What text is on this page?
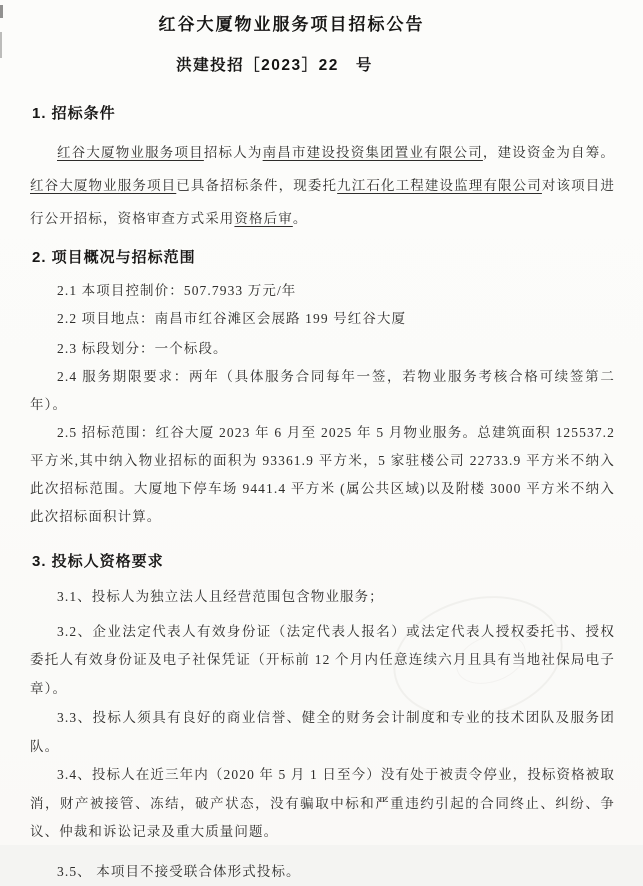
红谷大厦物业服务项目招标公告
洪建投招［2023］22　号
1. 招标条件

红谷大厦物业服务项目招标人为南昌市建设投资集团置业有限公司，建设资金为自筹。红谷大厦物业服务项目已具备招标条件，现委托九江石化工程建设监理有限公司对该项目进行公开招标，资格审查方式采用资格后审。

2. 项目概况与招标范围

2.1 本项目控制价：507.7933 万元/年

2.2 项目地点：南昌市红谷滩区会展路 199 号红谷大厦

2.3 标段划分：一个标段。

2.4 服务期限要求：两年（具体服务合同每年一签，若物业服务考核合格可续签第二年）。

2.5 招标范围：红谷大厦 2023 年 6 月至 2025 年 5 月物业服务。总建筑面积 125537.2 平方米,其中纳入物业招标的面积为 93361.9 平方米，5 家驻楼公司 22733.9 平方米不纳入此次招标范围。大厦地下停车场 9441.4 平方米 (属公共区域)以及附楼 3000 平方米不纳入此次招标面积计算。

3. 投标人资格要求

3.1、投标人为独立法人且经营范围包含物业服务；

3.2、企业法定代表人有效身份证（法定代表人报名）或法定代表人授权委托书、授权委托人有效身份证及电子社保凭证（开标前 12 个月内任意连续六月且具有当地社保局电子章）。

3.3、投标人须具有良好的商业信誉、健全的财务会计制度和专业的技术团队及服务团队。

3.4、投标人在近三年内（2020 年 5 月 1 日至今）没有处于被责令停业，投标资格被取消，财产被接管、冻结，破产状态，没有骗取中标和严重违约引起的合同终止、纠纷、争议、仲裁和诉讼记录及重大质量问题。

3.5、 本项目不接受联合体形式投标。
